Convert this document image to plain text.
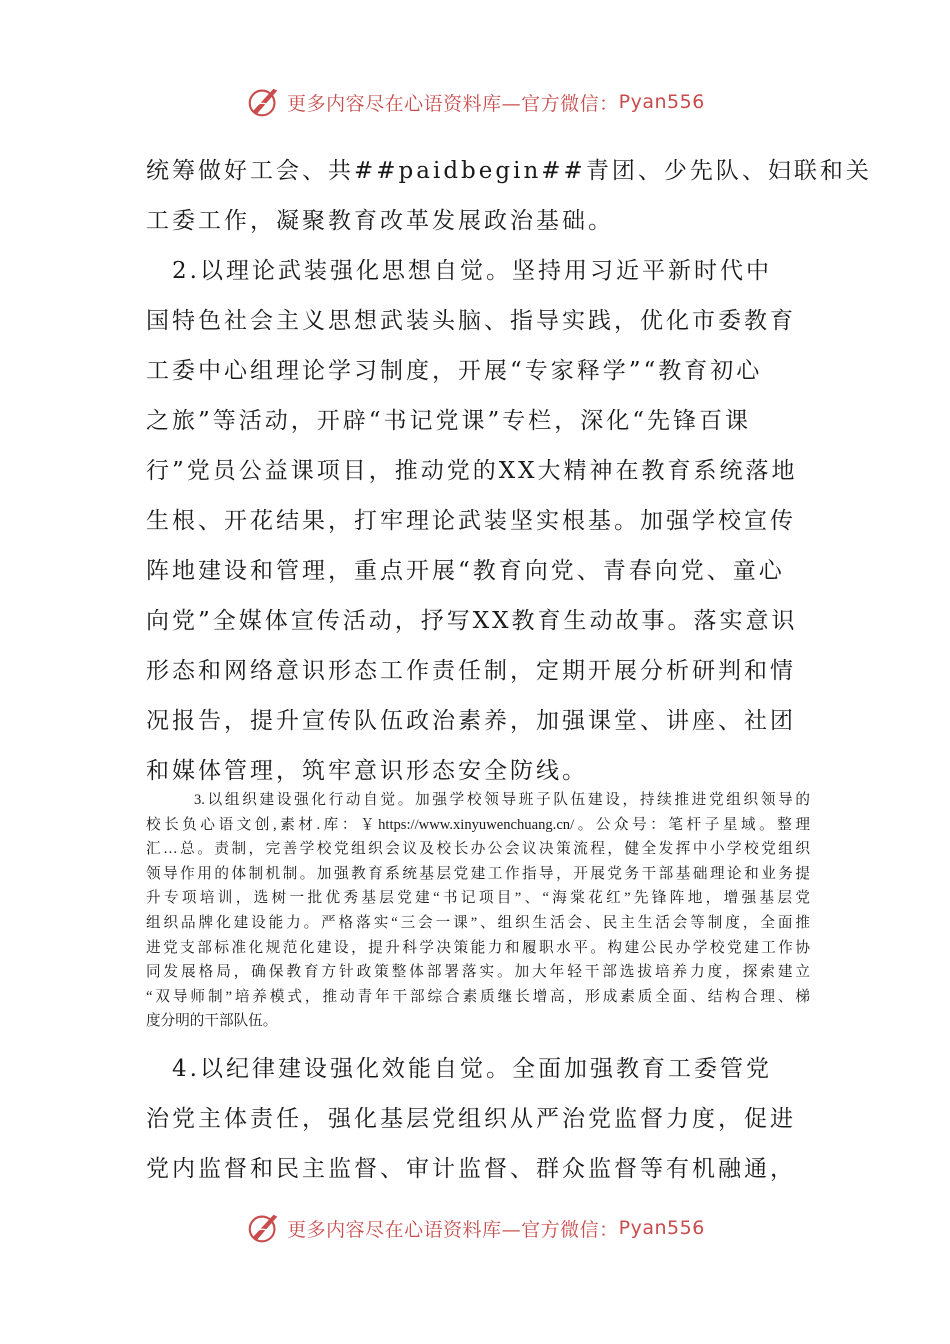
更多内容尽在心语资料库—官方微信： Pyan556
统筹做好工会、共##paidbegin##青团、少先队、妇联和关
工委工作，凝聚教育改革发展政治基础。
　2.以理论武装强化思想自觉。坚持用习近平新时代中
国特色社会主义思想武装头脑、指导实践，优化市委教育
工委中心组理论学习制度，开展“专家释学”“教育初心
之旅”等活动，开辟“书记党课”专栏，深化“先锋百课
行”党员公益课项目，推动党的XX大精神在教育系统落地
生根、开花结果，打牢理论武装坚实根基。加强学校宣传
阵地建设和管理，重点开展“教育向党、青春向党、童心
向党”全媒体宣传活动，抒写XX教育生动故事。落实意识
形态和网络意识形态工作责任制，定期开展分析研判和情
况报告，提升宣传队伍政治素养，加强课堂、讲座、社团
和媒体管理，筑牢意识形态安全防线。
3.以组织建设强化行动自觉。加强学校领导班子队伍建设，持续推进党组织领导的
校长负心语文创,素材.库：￥https://www.xinyuwenchuang.cn/。公众号：笔杆子星域。整理
汇…总。责制，完善学校党组织会议及校长办公会议决策流程，健全发挥中小学校党组织
领导作用的体制机制。加强教育系统基层党建工作指导，开展党务干部基础理论和业务提
升专项培训，选树一批优秀基层党建“书记项目”、“海棠花红”先锋阵地，增强基层党
组织品牌化建设能力。严格落实“三会一课”、组织生活会、民主生活会等制度，全面推
进党支部标准化规范化建设，提升科学决策能力和履职水平。构建公民办学校党建工作协
同发展格局，确保教育方针政策整体部署落实。加大年轻干部选拔培养力度，探索建立
“双导师制”培养模式，推动青年干部综合素质继长增高，形成素质全面、结构合理、梯
度分明的干部队伍。
　4.以纪律建设强化效能自觉。全面加强教育工委管党
治党主体责任，强化基层党组织从严治党监督力度，促进
党内监督和民主监督、审计监督、群众监督等有机融通，
更多内容尽在心语资料库—官方微信： Pyan556
